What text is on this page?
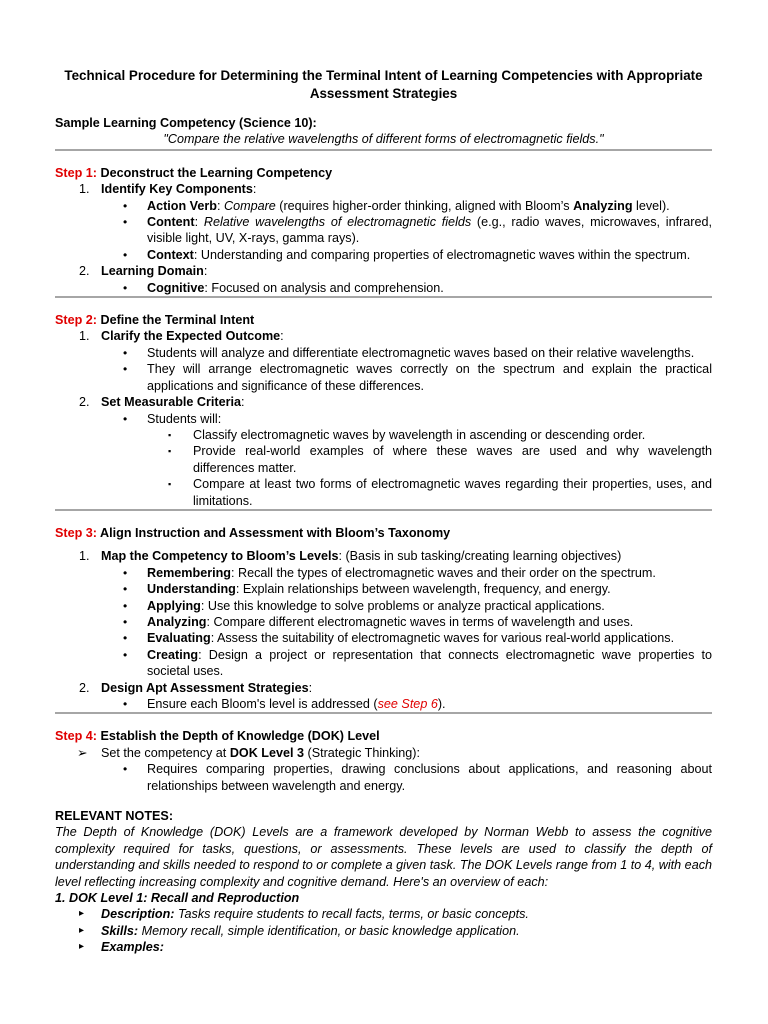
Technical Procedure for Determining the Terminal Intent of Learning Competencies with Appropriate
Assessment Strategies

Sample Learning Competency (Science 10):

"Compare the relative wavelengths of different forms of electromagnetic fields."

Step 1: Deconstruct the Learning Competency

1. Identify Key Components:
• Action Verb: Compare (requires higher-order thinking, aligned with Bloom’s Analyzing level).
• Content: Relative wavelengths of electromagnetic fields (e.g., radio waves, microwaves, infrared, visible light, UV, X-rays, gamma rays).
• Context: Understanding and comparing properties of electromagnetic waves within the spectrum.
2. Learning Domain:
• Cognitive: Focused on analysis and comprehension.

Step 2: Define the Terminal Intent

1. Clarify the Expected Outcome:
• Students will analyze and differentiate electromagnetic waves based on their relative wavelengths.
• They will arrange electromagnetic waves correctly on the spectrum and explain the practical applications and significance of these differences.
2. Set Measurable Criteria:
• Students will:
▪ Classify electromagnetic waves by wavelength in ascending or descending order.
▪ Provide real-world examples of where these waves are used and why wavelength differences matter.
▪ Compare at least two forms of electromagnetic waves regarding their properties, uses, and limitations.

Step 3: Align Instruction and Assessment with Bloom’s Taxonomy

1. Map the Competency to Bloom’s Levels: (Basis in sub tasking/creating learning objectives)
• Remembering: Recall the types of electromagnetic waves and their order on the spectrum.
• Understanding: Explain relationships between wavelength, frequency, and energy.
• Applying: Use this knowledge to solve problems or analyze practical applications.
• Analyzing: Compare different electromagnetic waves in terms of wavelength and uses.
• Evaluating: Assess the suitability of electromagnetic waves for various real-world applications.
• Creating: Design a project or representation that connects electromagnetic wave properties to societal uses.
2. Design Apt Assessment Strategies:
• Ensure each Bloom's level is addressed (see Step 6).

Step 4: Establish the Depth of Knowledge (DOK) Level

➢ Set the competency at DOK Level 3 (Strategic Thinking):
• Requires comparing properties, drawing conclusions about applications, and reasoning about relationships between wavelength and energy.

RELEVANT NOTES:

The Depth of Knowledge (DOK) Levels are a framework developed by Norman Webb to assess the cognitive complexity required for tasks, questions, or assessments. These levels are used to classify the depth of understanding and skills needed to respond to or complete a given task. The DOK Levels range from 1 to 4, with each level reflecting increasing complexity and cognitive demand. Here's an overview of each:

1. DOK Level 1: Recall and Reproduction

▸ Description: Tasks require students to recall facts, terms, or basic concepts.
▸ Skills: Memory recall, simple identification, or basic knowledge application.
▸ Examples:
